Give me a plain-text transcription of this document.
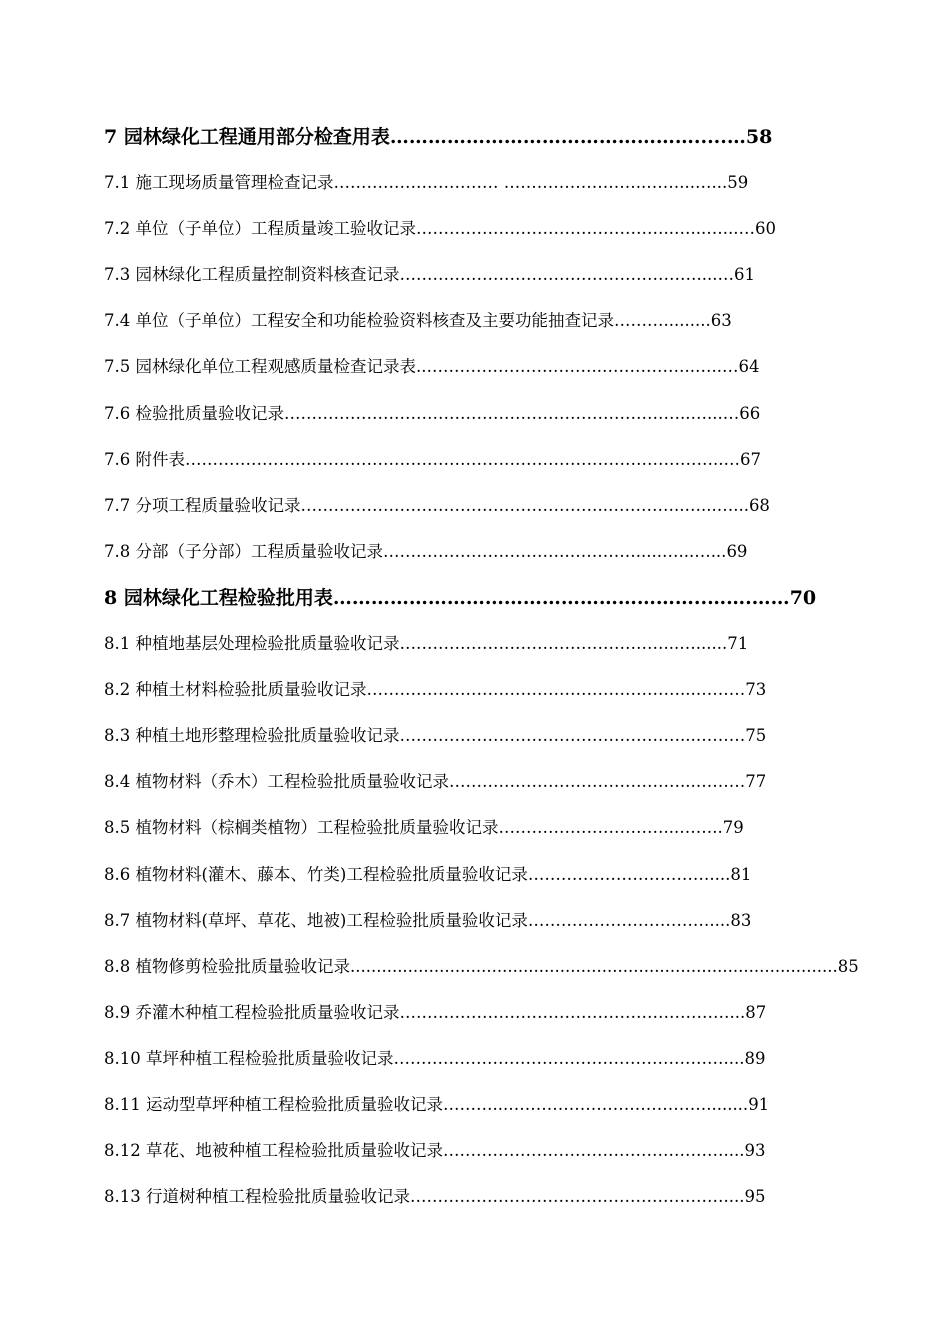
7 园林绿化工程通用部分检查用表………………………………………….....…58
7.1 施工现场质量管理检查记录………………………… ……………………..……...…...59
7.2 单位（子单位）工程质量竣工验收记录………………………………………..…...…...…60
7.3 园林绿化工程质量控制资料核查记录………………………………………………....…61
7.4 单位（子单位）工程安全和功能检验资料核查及主要功能抽查记录……….........63
7.5 园林绿化单位工程观感质量检查记录表..…………………………..……………..…..…64
7.6 检验批质量验收记录………………………………………………………………..…...…66
7.6 附件表……………………………………………………………………………………..…67
7.7 分项工程质量验收记录………………………………………………..…………..…...…...68
7.8 分部（子分部）工程质量验收记录…………………………….………….....…...…...69
8 园林绿化工程检验批用表…………………………………………………..…….……70
8.1 种植地基层处理检验批质量验收记录…………………………………………...…......71
8.2 种植土材料检验批质量验收记录…………………………………………………...………73
8.3 种植土地形整理检验批质量验收记录……………………………………………...………75
8.4 植物材料（乔木）工程检验批质量验收记录……………………………………...………77
8.5 植物材料（棕榈类植物）工程检验批质量验收记录…………………………...……..79
8.6 植物材料(灌木、藤本、竹类)工程检验批质量验收记录……………………………....81
8.7 植物材料(草坪、草花、地被)工程检验批质量验收记录……………………………....83
8.8 植物修剪检验批质量验收记录.............................................................................................85
8.9 乔灌木种植工程检验批质量验收记录……………………………………………………...87
8.10 草坪种植工程检验批质量验收记录……………………………………………………....89
8.11 运动型草坪种植工程检验批质量验收记录………...………………………………........91
8.12 草花、地被种植工程检验批质量验收记录……………………………………………....93
8.13 行道树种植工程检验批质量验收记录…………………………………………………....95
